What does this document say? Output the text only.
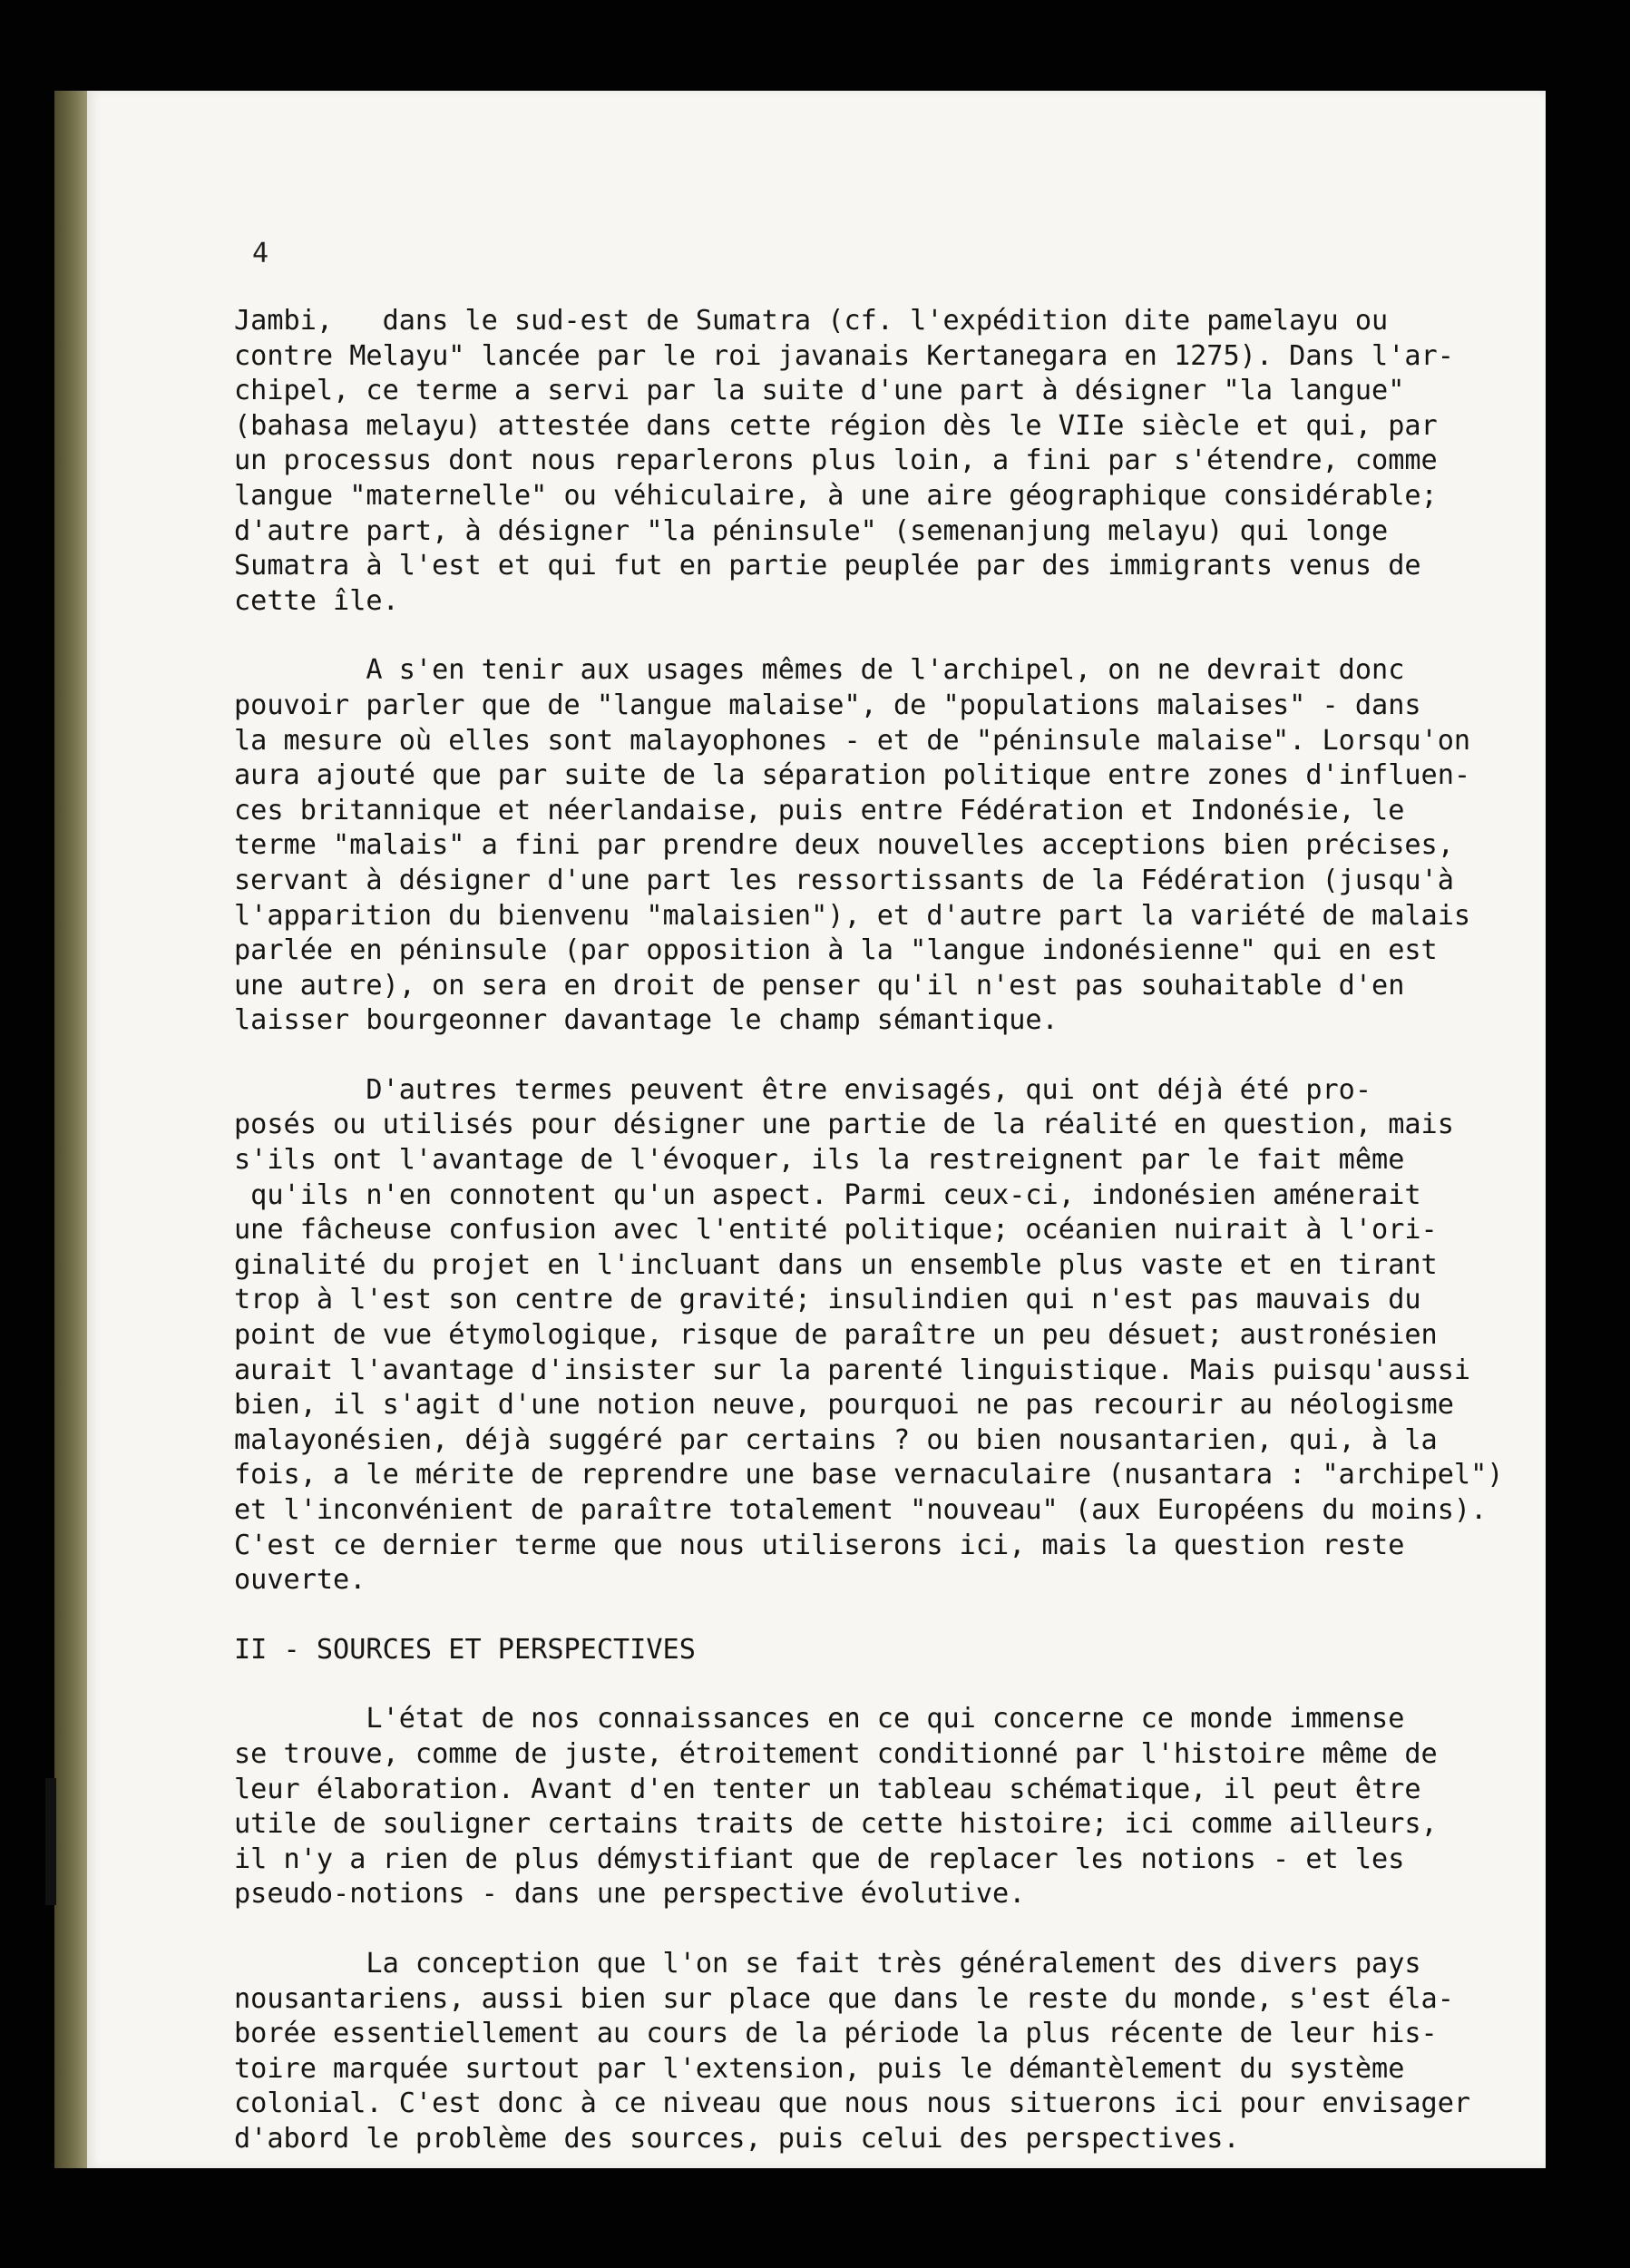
4

Jambi,   dans le sud-est de Sumatra (cf. l'expédition dite pamelayu ou
contre Melayu" lancée par le roi javanais Kertanegara en 1275). Dans l'ar-
chipel, ce terme a servi par la suite d'une part à désigner "la langue"
(bahasa melayu) attestée dans cette région dès le VIIe siècle et qui, par
un processus dont nous reparlerons plus loin, a fini par s'étendre, comme
langue "maternelle" ou véhiculaire, à une aire géographique considérable;
d'autre part, à désigner "la péninsule" (semenanjung melayu) qui longe
Sumatra à l'est et qui fut en partie peuplée par des immigrants venus de
cette île.

A s'en tenir aux usages mêmes de l'archipel, on ne devrait donc
pouvoir parler que de "langue malaise", de "populations malaises" - dans
la mesure où elles sont malayophones - et de "péninsule malaise". Lorsqu'on
aura ajouté que par suite de la séparation politique entre zones d'influen-
ces britannique et néerlandaise, puis entre Fédération et Indonésie, le
terme "malais" a fini par prendre deux nouvelles acceptions bien précises,
servant à désigner d'une part les ressortissants de la Fédération (jusqu'à
l'apparition du bienvenu "malaisien"), et d'autre part la variété de malais
parlée en péninsule (par opposition à la "langue indonésienne" qui en est
une autre), on sera en droit de penser qu'il n'est pas souhaitable d'en
laisser bourgeonner davantage le champ sémantique.

D'autres termes peuvent être envisagés, qui ont déjà été pro-
posés ou utilisés pour désigner une partie de la réalité en question, mais
s'ils ont l'avantage de l'évoquer, ils la restreignent par le fait même
qu'ils n'en connotent qu'un aspect. Parmi ceux-ci, indonésien aménerait
une fâcheuse confusion avec l'entité politique; océanien nuirait à l'ori-
ginalité du projet en l'incluant dans un ensemble plus vaste et en tirant
trop à l'est son centre de gravité; insulindien qui n'est pas mauvais du
point de vue étymologique, risque de paraître un peu désuet; austronésien
aurait l'avantage d'insister sur la parenté linguistique. Mais puisqu'aussi
bien, il s'agit d'une notion neuve, pourquoi ne pas recourir au néologisme
malayonésien, déjà suggéré par certains ? ou bien nousantarien, qui, à la
fois, a le mérite de reprendre une base vernaculaire (nusantara : "archipel")
et l'inconvénient de paraître totalement "nouveau" (aux Européens du moins).
C'est ce dernier terme que nous utiliserons ici, mais la question reste
ouverte.

II - SOURCES ET PERSPECTIVES

L'état de nos connaissances en ce qui concerne ce monde immense
se trouve, comme de juste, étroitement conditionné par l'histoire même de
leur élaboration. Avant d'en tenter un tableau schématique, il peut être
utile de souligner certains traits de cette histoire; ici comme ailleurs,
il n'y a rien de plus démystifiant que de replacer les notions - et les
pseudo-notions - dans une perspective évolutive.

La conception que l'on se fait très généralement des divers pays
nousantariens, aussi bien sur place que dans le reste du monde, s'est éla-
borée essentiellement au cours de la période la plus récente de leur his-
toire marquée surtout par l'extension, puis le démantèlement du système
colonial. C'est donc à ce niveau que nous nous situerons ici pour envisager
d'abord le problème des sources, puis celui des perspectives.
